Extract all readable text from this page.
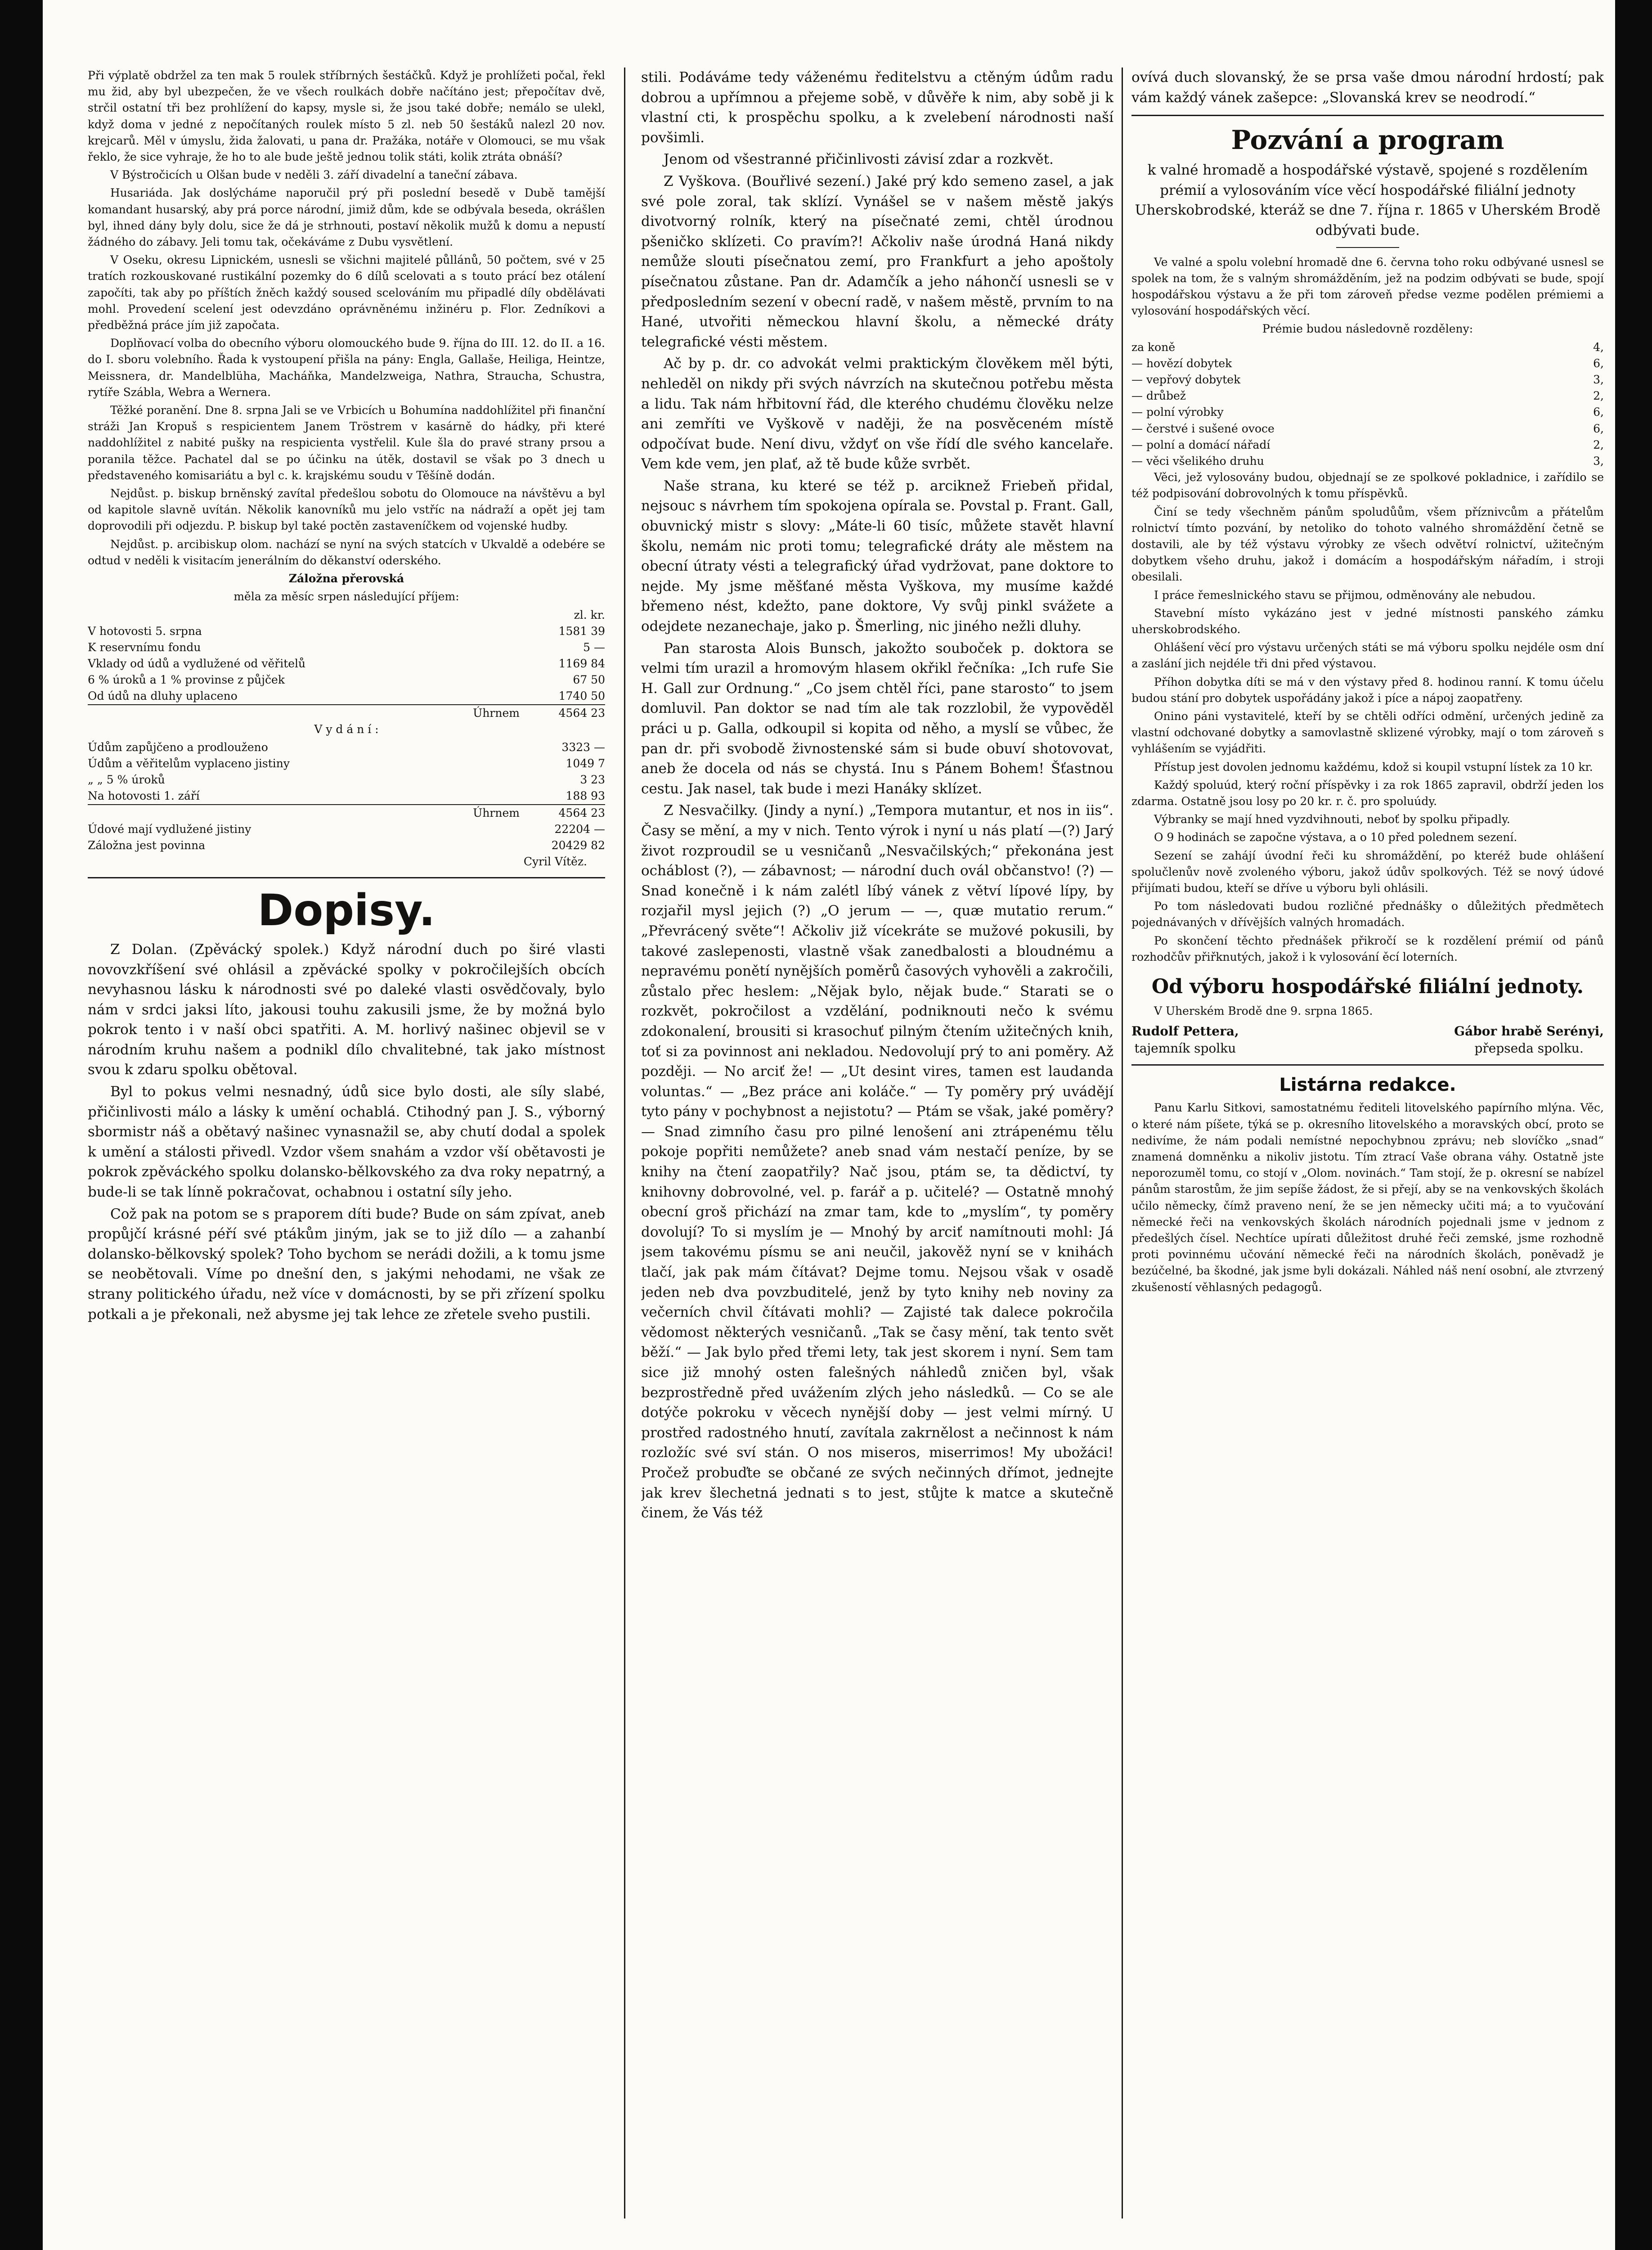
Při výplatě obdržel za ten mak 5 roulek stříbrných šestáčků. Když je prohlížeti počal, řekl mu žid, aby byl ubezpečen, že ve všech roulkách dobře načítáno jest; přepočítav dvě, strčil ostatní tři bez prohlížení do kapsy, mysle si, že jsou také dobře; nemálo se ulekl, když doma v jedné z nepočítaných roulek místo 5 zl. neb 50 šestáků nalezl 20 nov. krejcarů. Měl v úmyslu, žida žalovati, u pana dr. Pražáka, notáře v Olomouci, se mu však řeklo, že sice vyhraje, že ho to ale bude ještě jednou tolik státi, kolik ztráta obnáší?

V Býstročicích u Olšan bude v neděli 3. září divadelní a taneční zábava.

Husariáda. Jak doslýcháme naporučil prý při poslední besedě v Dubě tamější komandant husarský, aby prá porce národní, jimiž dům, kde se odbývala beseda, okrášlen byl, ihned dány byly dolu, sice že dá je strhnouti, postaví několik mužů k domu a nepustí žádného do zábavy. Jeli tomu tak, očekáváme z Dubu vysvětlení.

V Oseku, okresu Lipnickém, usnesli se všichni majitelé půllánů, 50 počtem, své v 25 tratích rozkouskované rustikální pozemky do 6 dílů scelovati a s touto prácí bez otálení započíti, tak aby po příštích žněch každý soused scelováním mu připadlé díly obdělávati mohl. Provedení scelení jest odevzdáno oprávněnému inžinéru p. Flor. Zedníkovi a předběžná práce jím již započata.

Doplňovací volba do obecního výboru olomouckého bude 9. října do III. 12. do II. a 16. do I. sboru volebního. Řada k vystoupení přišla na pány: Engla, Gallaše, Heiliga, Heintze, Meissnera, dr. Mandelblüha, Macháňka, Mandelzweiga, Nathra, Straucha, Schustra, rytíře Szábla, Webra a Wernera.

Těžké poranění. Dne 8. srpna Jali se ve Vrbicích u Bohumína naddohlížitel při finanční stráži Jan Kropuš s respicientem Janem Tröstrem v kasárně do hádky, při které naddohlížitel z nabité pušky na respicienta vystřelil. Kule šla do pravé strany prsou a poranila těžce. Pachatel dal se po účinku na útěk, dostavil se však po 3 dnech u představeného komisariátu a byl c. k. krajskému soudu v Těšíně dodán.

Nejdůst. p. biskup brněnský zavítal předešlou sobotu do Olomouce na návštěvu a byl od kapitole slavně uvítán. Několik kanovníků mu jelo vstříc na nádraží a opět jej tam doprovodili při odjezdu. P. biskup byl také poctěn zastaveníčkem od vojenské hudby.

Nejdůst. p. arcibiskup olom. nachází se nyní na svých statcích v Ukvaldě a odebére se odtud v neděli k visitacím jenerálním do děkanství oderského.

Záložna přerovská

měla za měsíc srpen následující příjem:

	zl. kr.
V hotovosti 5. srpna	1581 39
K reservnímu fondu	5 —
Vklady od údů a vydlužené od věřitelů	1169 84
6 % úroků a 1 % provinse z půjček	67 50
Od údů na dluhy uplaceno	1740 50
Úhrnem	4564 23

V y d á n í :

Údům zapůjčeno a prodlouženo	3323 —
Údům a věřitelům vyplaceno jistiny	1049 7
„ „ 5 % úroků	3 23
Na hotovosti 1. září	188 93
Úhrnem	4564 23
Údové mají vydlužené jistiny	22204 —
Záložna jest povinna	20429 82

Cyril Vítěz.

Dopisy.

Z Dolan. (Zpěvácký spolek.) Když národní duch po širé vlasti novovzkříšení své ohlásil a zpěvácké spolky v pokročilejších obcích nevyhasnou lásku k národnosti své po daleké vlasti osvědčovaly, bylo nám v srdci jaksi líto, jakousi touhu zakusili jsme, že by možná bylo pokrok tento i v naší obci spatřiti. A. M. horlivý našinec objevil se v národním kruhu našem a podnikl dílo chvalitebné, tak jako místnost svou k zdaru spolku obětoval.

Byl to pokus velmi nesnadný, údů sice bylo dosti, ale síly slabé, přičinlivosti málo a lásky k umění ochablá. Ctihodný pan J. S., výborný sbormistr náš a obětavý našinec vynasnažil se, aby chutí dodal a spolek k umění a stálosti přivedl. Vzdor všem snahám a vzdor vší obětavosti je pokrok zpěváckého spolku dolansko-bělkovského za dva roky nepatrný, a bude-li se tak línně pokračovat, ochabnou i ostatní síly jeho.

Což pak na potom se s praporem díti bude? Bude on sám zpívat, aneb propůjčí krásné péří své ptákům jiným, jak se to již dílo — a zahanbí dolansko-bělkovský spolek? Toho bychom se nerádi dožili, a k tomu jsme se neobětovali. Víme po dnešní den, s jakými nehodami, ne však ze strany politického úřadu, než více v domácnosti, by se při zřízení spolku potkali a je překonali, než abysme jej tak lehce ze zřetele sveho pustili.

stili. Podáváme tedy váženému ředitelstvu a ctěným údům radu dobrou a upřímnou a přejeme sobě, v důvěře k nim, aby sobě ji k vlastní cti, k prospěchu spolku, a k zvelebení národnosti naší povšimli.

Jenom od všestranné přičinlivosti závisí zdar a rozkvět.

Z Vyškova. (Bouřlivé sezení.) Jaké prý kdo semeno zasel, a jak své pole zoral, tak sklízí. Vynášel se v našem městě jakýs divotvorný rolník, který na písečnaté zemi, chtěl úrodnou pšeničko sklízeti. Co pravím?! Ačkoliv naše úrodná Haná nikdy nemůže slouti písečnatou zemí, pro Frankfurt a jeho apoštoly písečnatou zůstane. Pan dr. Adamčík a jeho náhončí usnesli se v předposledním sezení v obecní radě, v našem městě, prvním to na Hané, utvořiti německou hlavní školu, a německé dráty telegrafické vésti městem.

Ač by p. dr. co advokát velmi praktickým člověkem měl býti, nehleděl on nikdy při svých návrzích na skutečnou potřebu města a lidu. Tak nám hřbitovní řád, dle kterého chudému člověku nelze ani zemříti ve Vyškově v naději, že na posvěceném místě odpočívat bude. Není divu, vždyť on vše řídí dle svého kancelaře. Vem kde vem, jen plať, až tě bude kůže svrbět.

Naše strana, ku které se též p. arciknež Friebeň přidal, nejsouc s návrhem tím spokojena opírala se. Povstal p. Frant. Gall, obuvnický mistr s slovy: „Máte-li 60 tisíc, můžete stavět hlavní školu, nemám nic proti tomu; telegrafické dráty ale městem na obecní útraty vésti a telegrafický úřad vydržovat, pane doktore to nejde. My jsme měšťané města Vyškova, my musíme každé břemeno nést, kdežto, pane doktore, Vy svůj pinkl svážete a odejdete nezanechaje, jako p. Šmerling, nic jiného nežli dluhy.

Pan starosta Alois Bunsch, jakožto souboček p. doktora se velmi tím urazil a hromovým hlasem okřikl řečníka: „Ich rufe Sie H. Gall zur Ordnung.“ „Co jsem chtěl říci, pane starosto“ to jsem domluvil. Pan doktor se nad tím ale tak rozzlobil, že vypověděl práci u p. Galla, odkoupil si kopita od něho, a myslí se vůbec, že pan dr. při svobodě živnostenské sám si bude obuví shotovovat, aneb že docela od nás se chystá. Inu s Pánem Bohem! Šťastnou cestu. Jak nasel, tak bude i mezi Hanáky sklízet.

Z Nesvačilky. (Jindy a nyní.) „Tempora mutantur, et nos in iis“. Časy se mění, a my v nich. Tento výrok i nyní u nás platí —(?) Jarý život rozproudil se u vesničanů „Nesvačilských;“ překonána jest ocháblost (?), — zábavnost; — národní duch ovál občanstvo! (?) — Snad konečně i k nám zalétl líbý vánek z větví lípové lípy, by rozjařil mysl jejich (?) „O jerum — —, quæ mutatio rerum.“ „Převrácený světe“! Ačkoliv již vícekráte se mužové pokusili, by takové zaslepenosti, vlastně však zanedbalosti a bloudnému a nepravému ponětí nynějších poměrů časových vyhověli a zakročili, zůstalo přec heslem: „Nějak bylo, nějak bude.“ Starati se o rozkvět, pokročilost a vzdělání, podniknouti nečo k svému zdokonalení, brousiti si krasochuť pilným čtením užitečných knih, toť si za povinnost ani nekladou. Nedovolují prý to ani poměry. Až později. — No arciť že! — „Ut desint vires, tamen est laudanda voluntas.“ — „Bez práce ani koláče.“ — Ty poměry prý uvádějí tyto pány v pochybnost a nejistotu? — Ptám se však, jaké poměry? — Snad zimního času pro pilné lenošení ani ztrápenému tělu pokoje popřiti nemůžete? aneb snad vám nestačí peníze, by se knihy na čtení zaopatřily? Nač jsou, ptám se, ta dědictví, ty knihovny dobrovolné, vel. p. farář a p. učitelé? — Ostatně mnohý obecní groš přichází na zmar tam, kde to „myslím“, ty poměry dovolují? To si myslím je — Mnohý by arciť namítnouti mohl: Já jsem takovému písmu se ani neučil, jakověž nyní se v knihách tlačí, jak pak mám čítávat? Dejme tomu. Nejsou však v osadě jeden neb dva povzbuditelé, jenž by tyto knihy neb noviny za večerních chvil čítávati mohli? — Zajisté tak dalece pokročila vědomost některých vesničanů. „Tak se časy mění, tak tento svět běží.“ — Jak bylo před třemi lety, tak jest skorem i nyní. Sem tam sice již mnohý osten falešných náhledů zničen byl, však bezprostředně před uvážením zlých jeho následků. — Co se ale dotýče pokroku v věcech nynější doby — jest velmi mírný. U prostřed radostného hnutí, zavítala zakrnělost a nečinnost k nám rozložíc své sví stán. O nos miseros, miserrimos! My ubožáci! Pročež probuďte se občané ze svých nečinných dřímot, jednejte jak krev šlechetná jednati s to jest, stůjte k matce a skutečně činem, že Vás též

ovívá duch slovanský, že se prsa vaše dmou národní hrdostí; pak vám každý vánek zašepce: „Slovanská krev se neodrodí.“

Pozvání a program

k valné hromadě a hospodářské výstavě, spojené s rozdělením prémií a vylosováním více věcí hospodářské filiální jednoty Uherskobrodské, kteráž se dne 7. října r. 1865 v Uherském Brodě odbývati bude.

Ve valné a spolu volební hromadě dne 6. června toho roku odbývané usnesl se spolek na tom, že s valným shromážděním, jež na podzim odbývati se bude, spojí hospodářskou výstavu a že při tom zároveň předse vezme podělen prémiemi a vylosování hospodářských věcí.

Prémie budou následovně rozděleny:

za koně	4,
— hovězí dobytek	6,
— vepřový dobytek	3,
— drůbež	2,
— polní výrobky	6,
— čerstvé i sušené ovoce	6,
— polní a domácí nářadí	2,
— věci všelikého druhu	3,

Věci, jež vylosovány budou, objednají se ze spolkové pokladnice, i zařídilo se též podpisování dobrovolných k tomu příspěvků.

Činí se tedy všechněm pánům spoludůům, všem příznivcům a přátelům rolnictví tímto pozvání, by netoliko do tohoto valného shromáždění četně se dostavili, ale by též výstavu výrobky ze všech odvětví rolnictví, užitečným dobytkem všeho druhu, jakož i domácím a hospodářským nářadím, i stroji obesilali.

I práce řemeslnického stavu se přijmou, odměnovány ale nebudou.

Stavební místo vykázáno jest v jedné místnosti panského zámku uherskobrodského.

Ohlášení věcí pro výstavu určených státi se má výboru spolku nejdéle osm dní a zaslání jich nejdéle tři dni před výstavou.

Příhon dobytka díti se má v den výstavy před 8. hodinou ranní. K tomu účelu budou stání pro dobytek uspořádány jakož i píce a nápoj zaopatřeny.

Onino páni vystavitelé, kteří by se chtěli odříci odmění, určených jedině za vlastní odchované dobytky a samovlastně sklizené výrobky, mají o tom zároveň s vyhlášením se vyjádřiti.

Přístup jest dovolen jednomu každému, kdož si koupil vstupní lístek za 10 kr.

Každý spoluúd, který roční příspěvky i za rok 1865 zapravil, obdrží jeden los zdarma. Ostatně jsou losy po 20 kr. r. č. pro spoluúdy.

Výbranky se mají hned vyzdvihnouti, neboť by spolku připadly.

O 9 hodinách se započne výstava, a o 10 před polednem sezení.

Sezení se zahájí úvodní řeči ku shromáždění, po kteréž bude ohlášení spolučlenův nově zvoleného výboru, jakož údův spolkových. Též se nový údové přijímati budou, kteří se dříve u výboru byli ohlásili.

Po tom následovati budou rozličné přednášky o důležitých předmětech pojednávaných v dřívějších valných hromadách.

Po skončení těchto přednášek přikročí se k rozdělení prémií od pánů rozhodčův přiřknutých, jakož i k vylosování ěcí loterních.

Od výboru hospodářské filiální jednoty.

V Uherském Brodě dne 9. srpna 1865.

Rudolf Pettera,
tajemník spolku
Gábor hrabě Serényi,
přepseda spolku.
Listárna redakce.

Panu Karlu Sitkovi, samostatnému řediteli litovelského papírního mlýna. Věc, o které nám píšete, týká se p. okresního litovelského a moravských obcí, proto se nedivíme, že nám podali nemístné nepochybnou zprávu; neb slovíčko „snad“ znamená domněnku a nikoliv jistotu. Tím ztrací Vaše obrana váhy. Ostatně jste neporozuměl tomu, co stojí v „Olom. novinách.“ Tam stojí, že p. okresní se nabízel pánům starostům, že jim sepíše žádost, že si přejí, aby se na venkovských školách učilo německy, čímž praveno není, že se jen německy učiti má; a to vyučování německé řeči na venkovských školách národních pojednali jsme v jednom z předešlých čísel. Nechtíce upírati důležitost druhé řeči zemské, jsme rozhodně proti povinnému učování německé řeči na národních školách, poněvadž je bezúčelné, ba škodné, jak jsme byli dokázali. Náhled náš není osobní, ale ztvrzený zkušeností věhlasných pedagogů.
